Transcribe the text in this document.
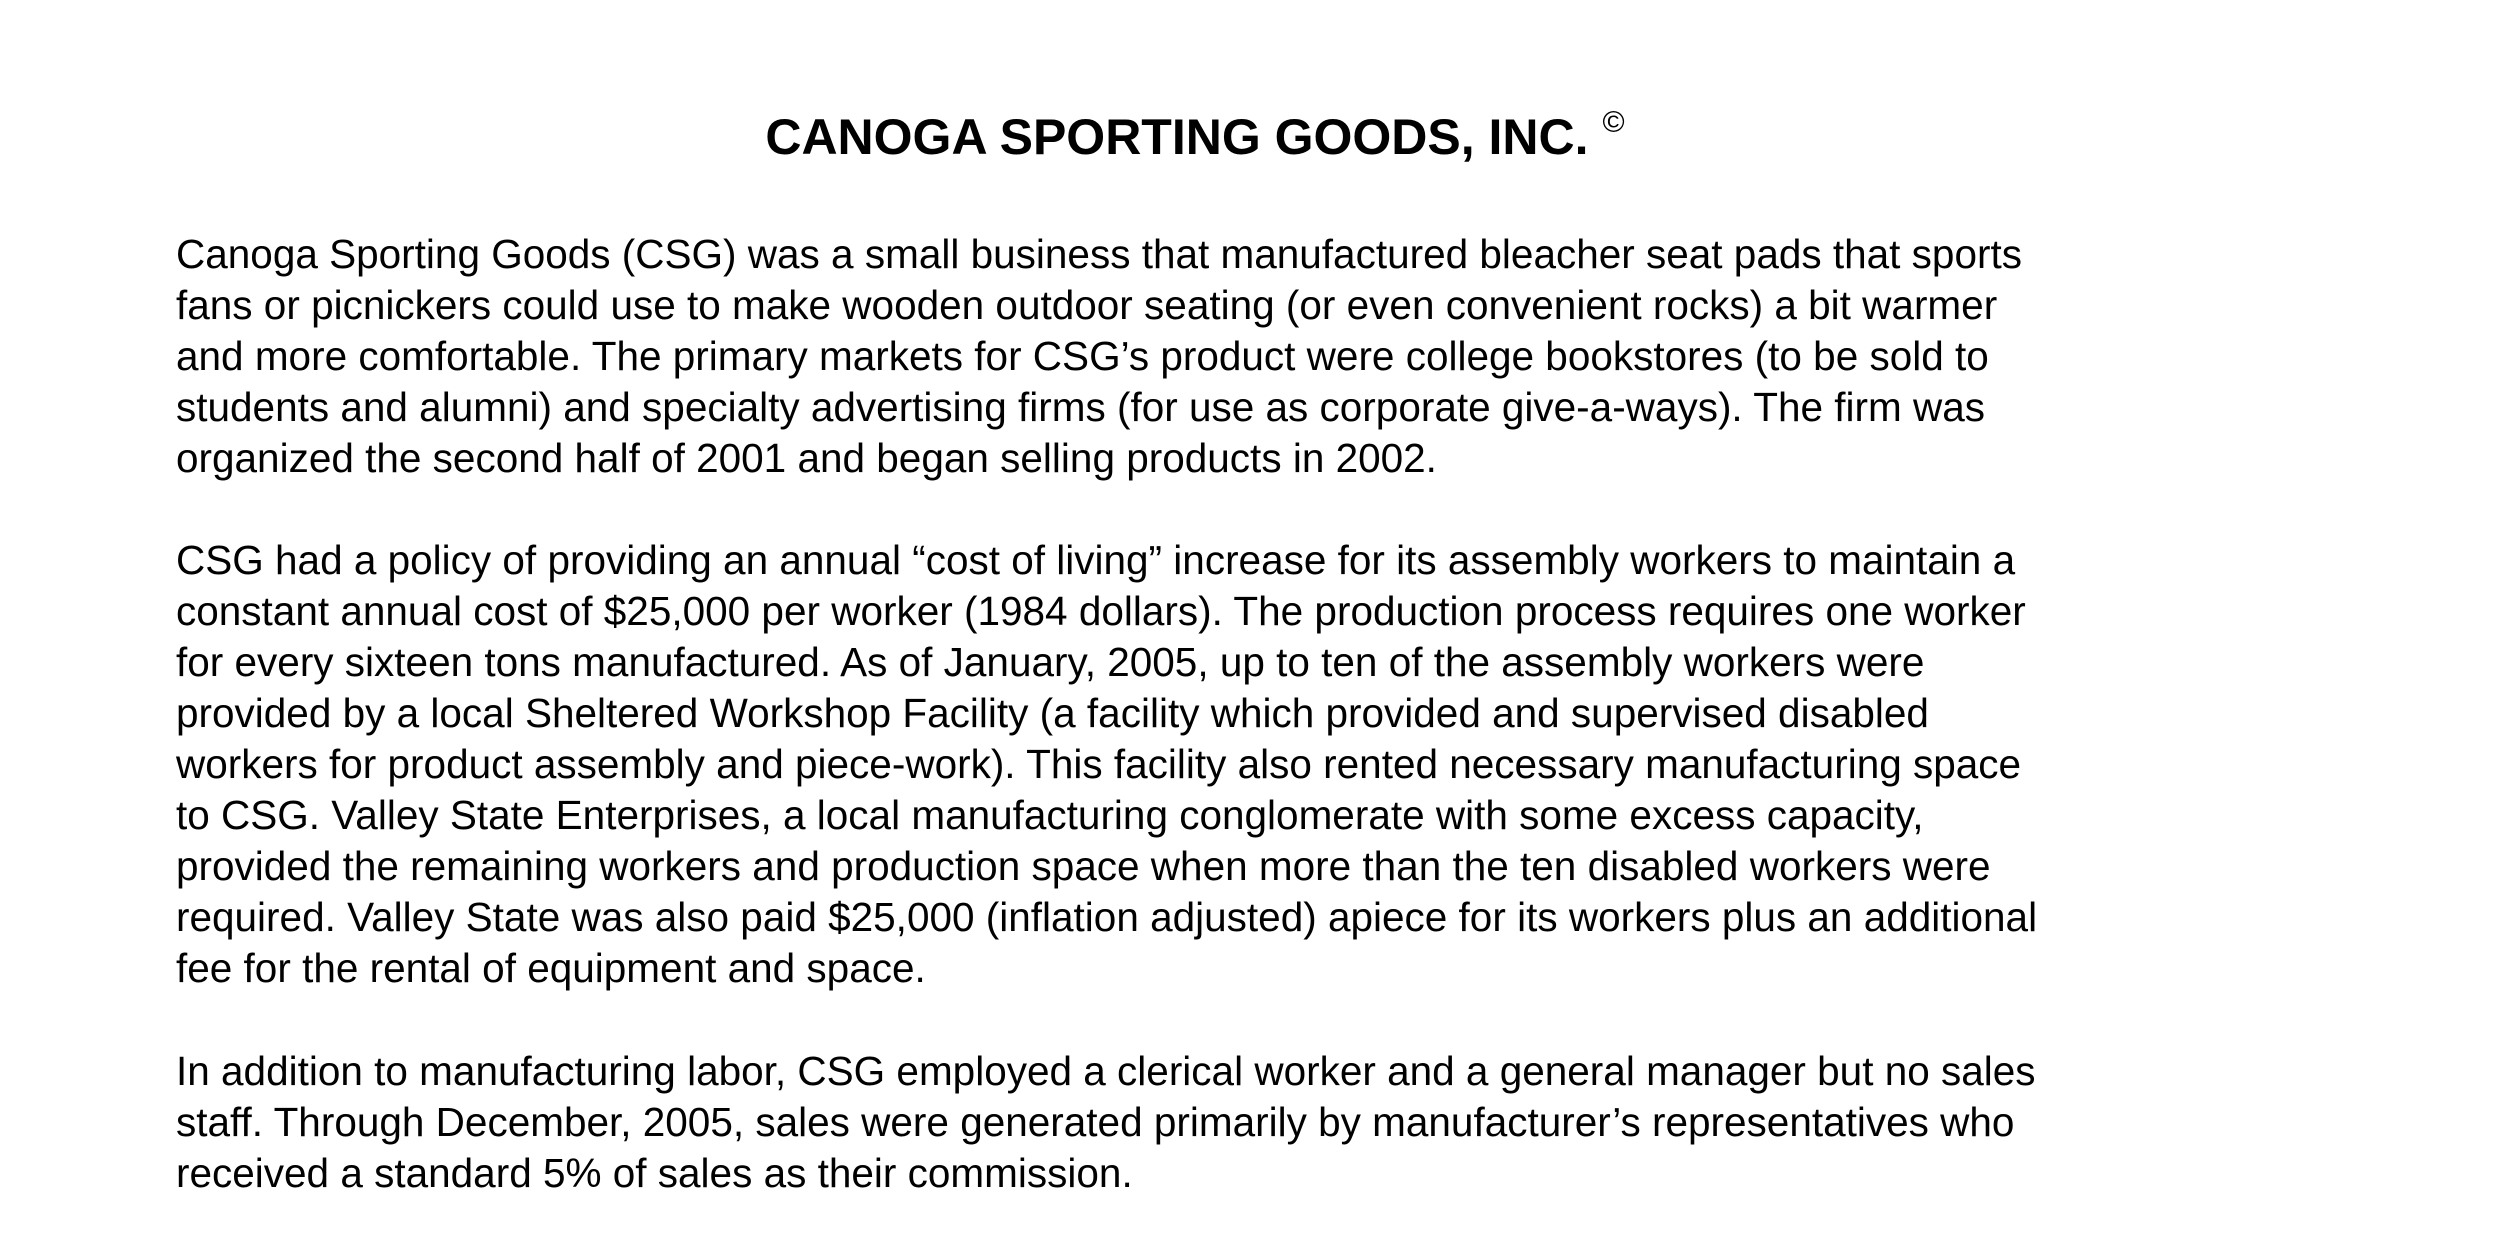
CANOGA SPORTING GOODS, INC. ©

Canoga Sporting Goods (CSG) was a small business that manufactured bleacher seat pads that sports
fans or picnickers could use to make wooden outdoor seating (or even convenient rocks) a bit warmer
and more comfortable. The primary markets for CSG’s product were college bookstores (to be sold to
students and alumni) and specialty advertising firms (for use as corporate give-a-ways). The firm was
organized the second half of 2001 and began selling products in 2002.

CSG had a policy of providing an annual “cost of living” increase for its assembly workers to maintain a
constant annual cost of $25,000 per worker (1984 dollars). The production process requires one worker
for every sixteen tons manufactured. As of January, 2005, up to ten of the assembly workers were
provided by a local Sheltered Workshop Facility (a facility which provided and supervised disabled
workers for product assembly and piece-work). This facility also rented necessary manufacturing space
to CSG. Valley State Enterprises, a local manufacturing conglomerate with some excess capacity,
provided the remaining workers and production space when more than the ten disabled workers were
required. Valley State was also paid $25,000 (inflation adjusted) apiece for its workers plus an additional
fee for the rental of equipment and space.

In addition to manufacturing labor, CSG employed a clerical worker and a general manager but no sales
staff. Through December, 2005, sales were generated primarily by manufacturer’s representatives who
received a standard 5% of sales as their commission.
